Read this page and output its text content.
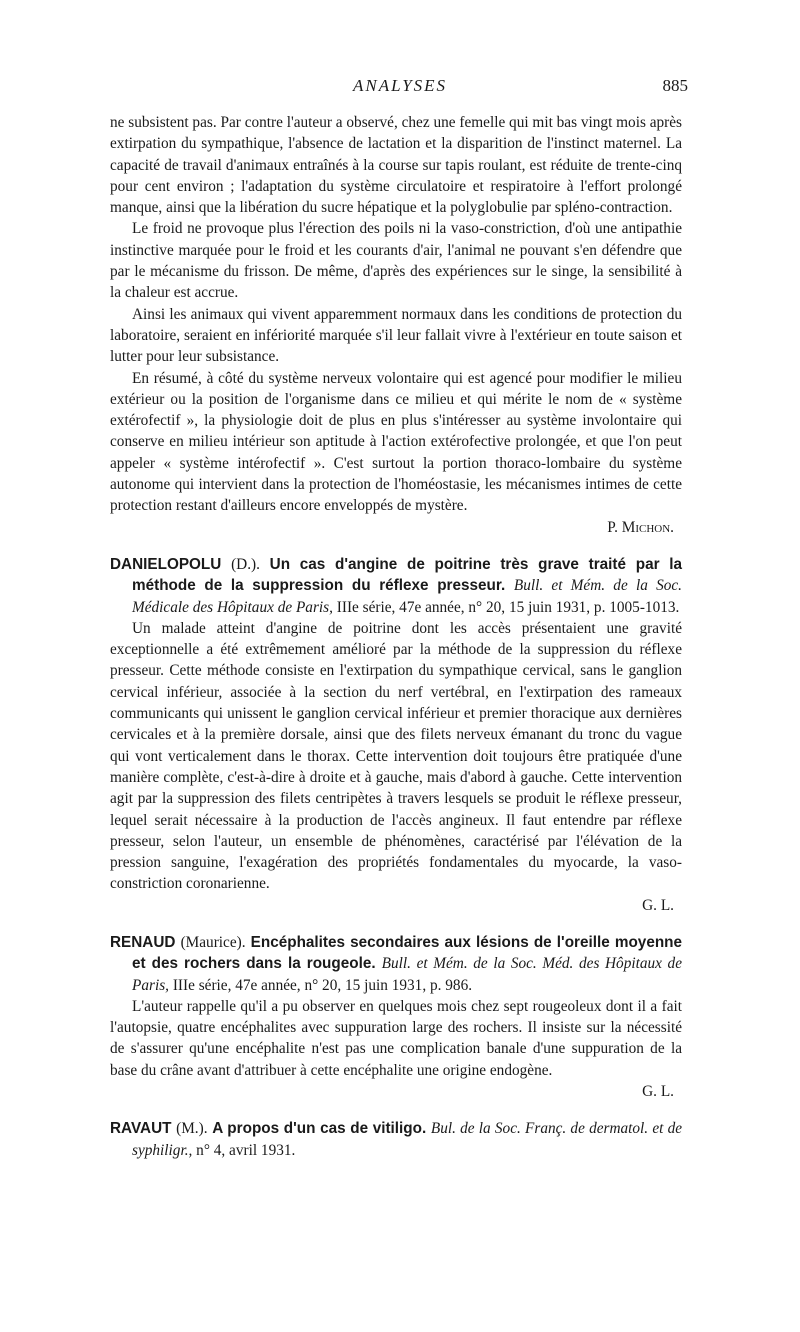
ANALYSES	885

ne subsistent pas. Par contre l'auteur a observé, chez une femelle qui mit bas vingt mois après extirpation du sympathique, l'absence de lactation et la disparition de l'instinct maternel. La capacité de travail d'animaux entraînés à la course sur tapis roulant, est réduite de trente-cinq pour cent environ ; l'adaptation du système circulatoire et respiratoire à l'effort prolongé manque, ainsi que la libération du sucre hépatique et la polyglobulie par spléno-contraction.

Le froid ne provoque plus l'érection des poils ni la vaso-constriction, d'où une antipathie instinctive marquée pour le froid et les courants d'air, l'animal ne pouvant s'en défendre que par le mécanisme du frisson. De même, d'après des expériences sur le singe, la sensibilité à la chaleur est accrue.

Ainsi les animaux qui vivent apparemment normaux dans les conditions de protection du laboratoire, seraient en infériorité marquée s'il leur fallait vivre à l'extérieur en toute saison et lutter pour leur subsistance.

En résumé, à côté du système nerveux volontaire qui est agencé pour modifier le milieu extérieur ou la position de l'organisme dans ce milieu et qui mérite le nom de « système extérofectif », la physiologie doit de plus en plus s'intéresser au système involontaire qui conserve en milieu intérieur son aptitude à l'action extérofective prolongée, et que l'on peut appeler « système intérofectif ». C'est surtout la portion thoraco-lombaire du système autonome qui intervient dans la protection de l'homéostasie, les mécanismes intimes de cette protection restant d'ailleurs encore enveloppés de mystère.

P. Michon.

DANIELOPOLU (D.). Un cas d'angine de poitrine très grave traité par la méthode de la suppression du réflexe presseur. Bull. et Mém. de la Soc. Médicale des Hôpitaux de Paris, IIIe série, 47e année, n° 20, 15 juin 1931, p. 1005-1013.

Un malade atteint d'angine de poitrine dont les accès présentaient une gravité exceptionnelle a été extrêmement amélioré par la méthode de la suppression du réflexe presseur. Cette méthode consiste en l'extirpation du sympathique cervical, sans le ganglion cervical inférieur, associée à la section du nerf vertébral, en l'extirpation des rameaux communicants qui unissent le ganglion cervical inférieur et premier thoracique aux dernières cervicales et à la première dorsale, ainsi que des filets nerveux émanant du tronc du vague qui vont verticalement dans le thorax. Cette intervention doit toujours être pratiquée d'une manière complète, c'est-à-dire à droite et à gauche, mais d'abord à gauche. Cette intervention agit par la suppression des filets centripètes à travers lesquels se produit le réflexe presseur, lequel serait nécessaire à la production de l'accès angineux. Il faut entendre par réflexe presseur, selon l'auteur, un ensemble de phénomènes, caractérisé par l'élévation de la pression sanguine, l'exagération des propriétés fondamentales du myocarde, la vaso-constriction coronarienne.

G. L.

RENAUD (Maurice). Encéphalites secondaires aux lésions de l'oreille moyenne et des rochers dans la rougeole. Bull. et Mém. de la Soc. Méd. des Hôpitaux de Paris, IIIe série, 47e année, n° 20, 15 juin 1931, p. 986.

L'auteur rappelle qu'il a pu observer en quelques mois chez sept rougeoleux dont il a fait l'autopsie, quatre encéphalites avec suppuration large des rochers. Il insiste sur la nécessité de s'assurer qu'une encéphalite n'est pas une complication banale d'une suppuration de la base du crâne avant d'attribuer à cette encéphalite une origine endogène.

G. L.

RAVAUT (M.). A propos d'un cas de vitiligo. Bul. de la Soc. Franç. de dermatol. et de syphiligr., n° 4, avril 1931.
